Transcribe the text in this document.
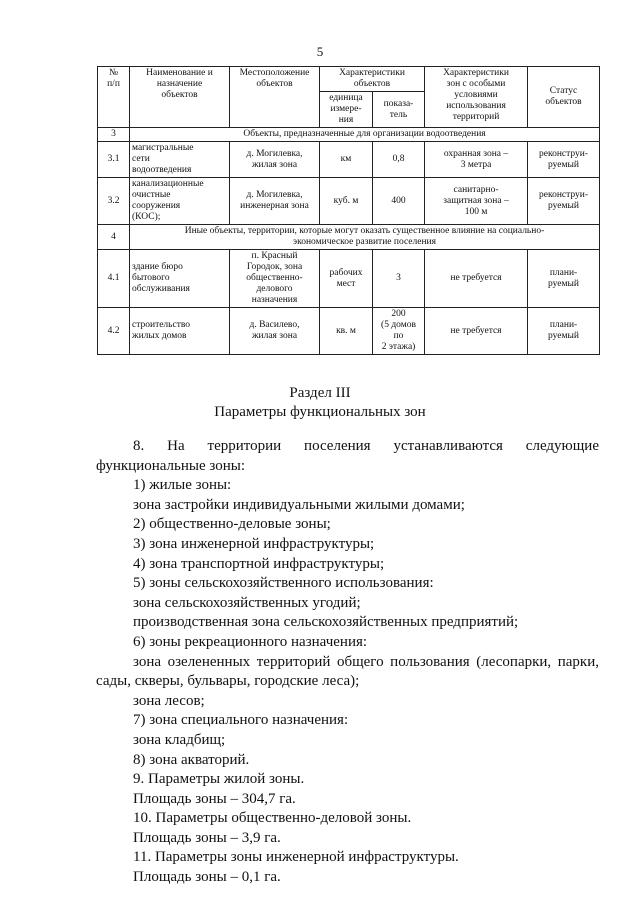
5
№
п/п	Наименование и
назначение
объектов	Местоположение
объектов	Характеристики
объектов		Характеристики
зон с особыми
условиями
использования
территорий	Статус
объектов
			единица
измере-
ния	показа-
тель		
3	Объекты, предназначенные для организации водоотведения					
3.1	магистральные
сети
водоотведения	д. Могилевка,
жилая зона	км	0,8	охранная зона –
3 метра	реконструи-
руемый
3.2	канализационные
очистные
сооружения
(КОС);	д. Могилевка,
инженерная зона	куб. м	400	санитарно-
защитная зона –
100 м	реконструи-
руемый
4	Иные объекты, территории, которые могут оказать существенное влияние на социально-
экономическое развитие поселения					
4.1	здание бюро
бытового
обслуживания	п. Красный
Городок, зона
общественно-
делового
назначения	рабочих
мест	3	не требуется	плани-
руемый
4.2	строительство
жилых домов	д. Василево,
жилая зона	кв. м	200
(5 домов
по
2 этажа)	не требуется	плани-
руемый
Раздел III
Параметры функциональных зон

8. На территории поселения устанавливаются следующие

функциональные зоны:

1) жилые зоны:

зона застройки индивидуальными жилыми домами;

2) общественно-деловые зоны;

3) зона инженерной инфраструктуры;

4) зона транспортной инфраструктуры;

5) зоны сельскохозяйственного использования:

зона сельскохозяйственных угодий;

производственная зона сельскохозяйственных предприятий;

6) зоны рекреационного назначения:

зона озелененных территорий общего пользования (лесопарки, парки,

сады, скверы, бульвары, городские леса);

зона лесов;

7) зона специального назначения:

зона кладбищ;

8) зона акваторий.

9. Параметры жилой зоны.

Площадь зоны – 304,7 га.

10. Параметры общественно-деловой зоны.

Площадь зоны – 3,9 га.

11. Параметры зоны инженерной инфраструктуры.

Площадь зоны – 0,1 га.
